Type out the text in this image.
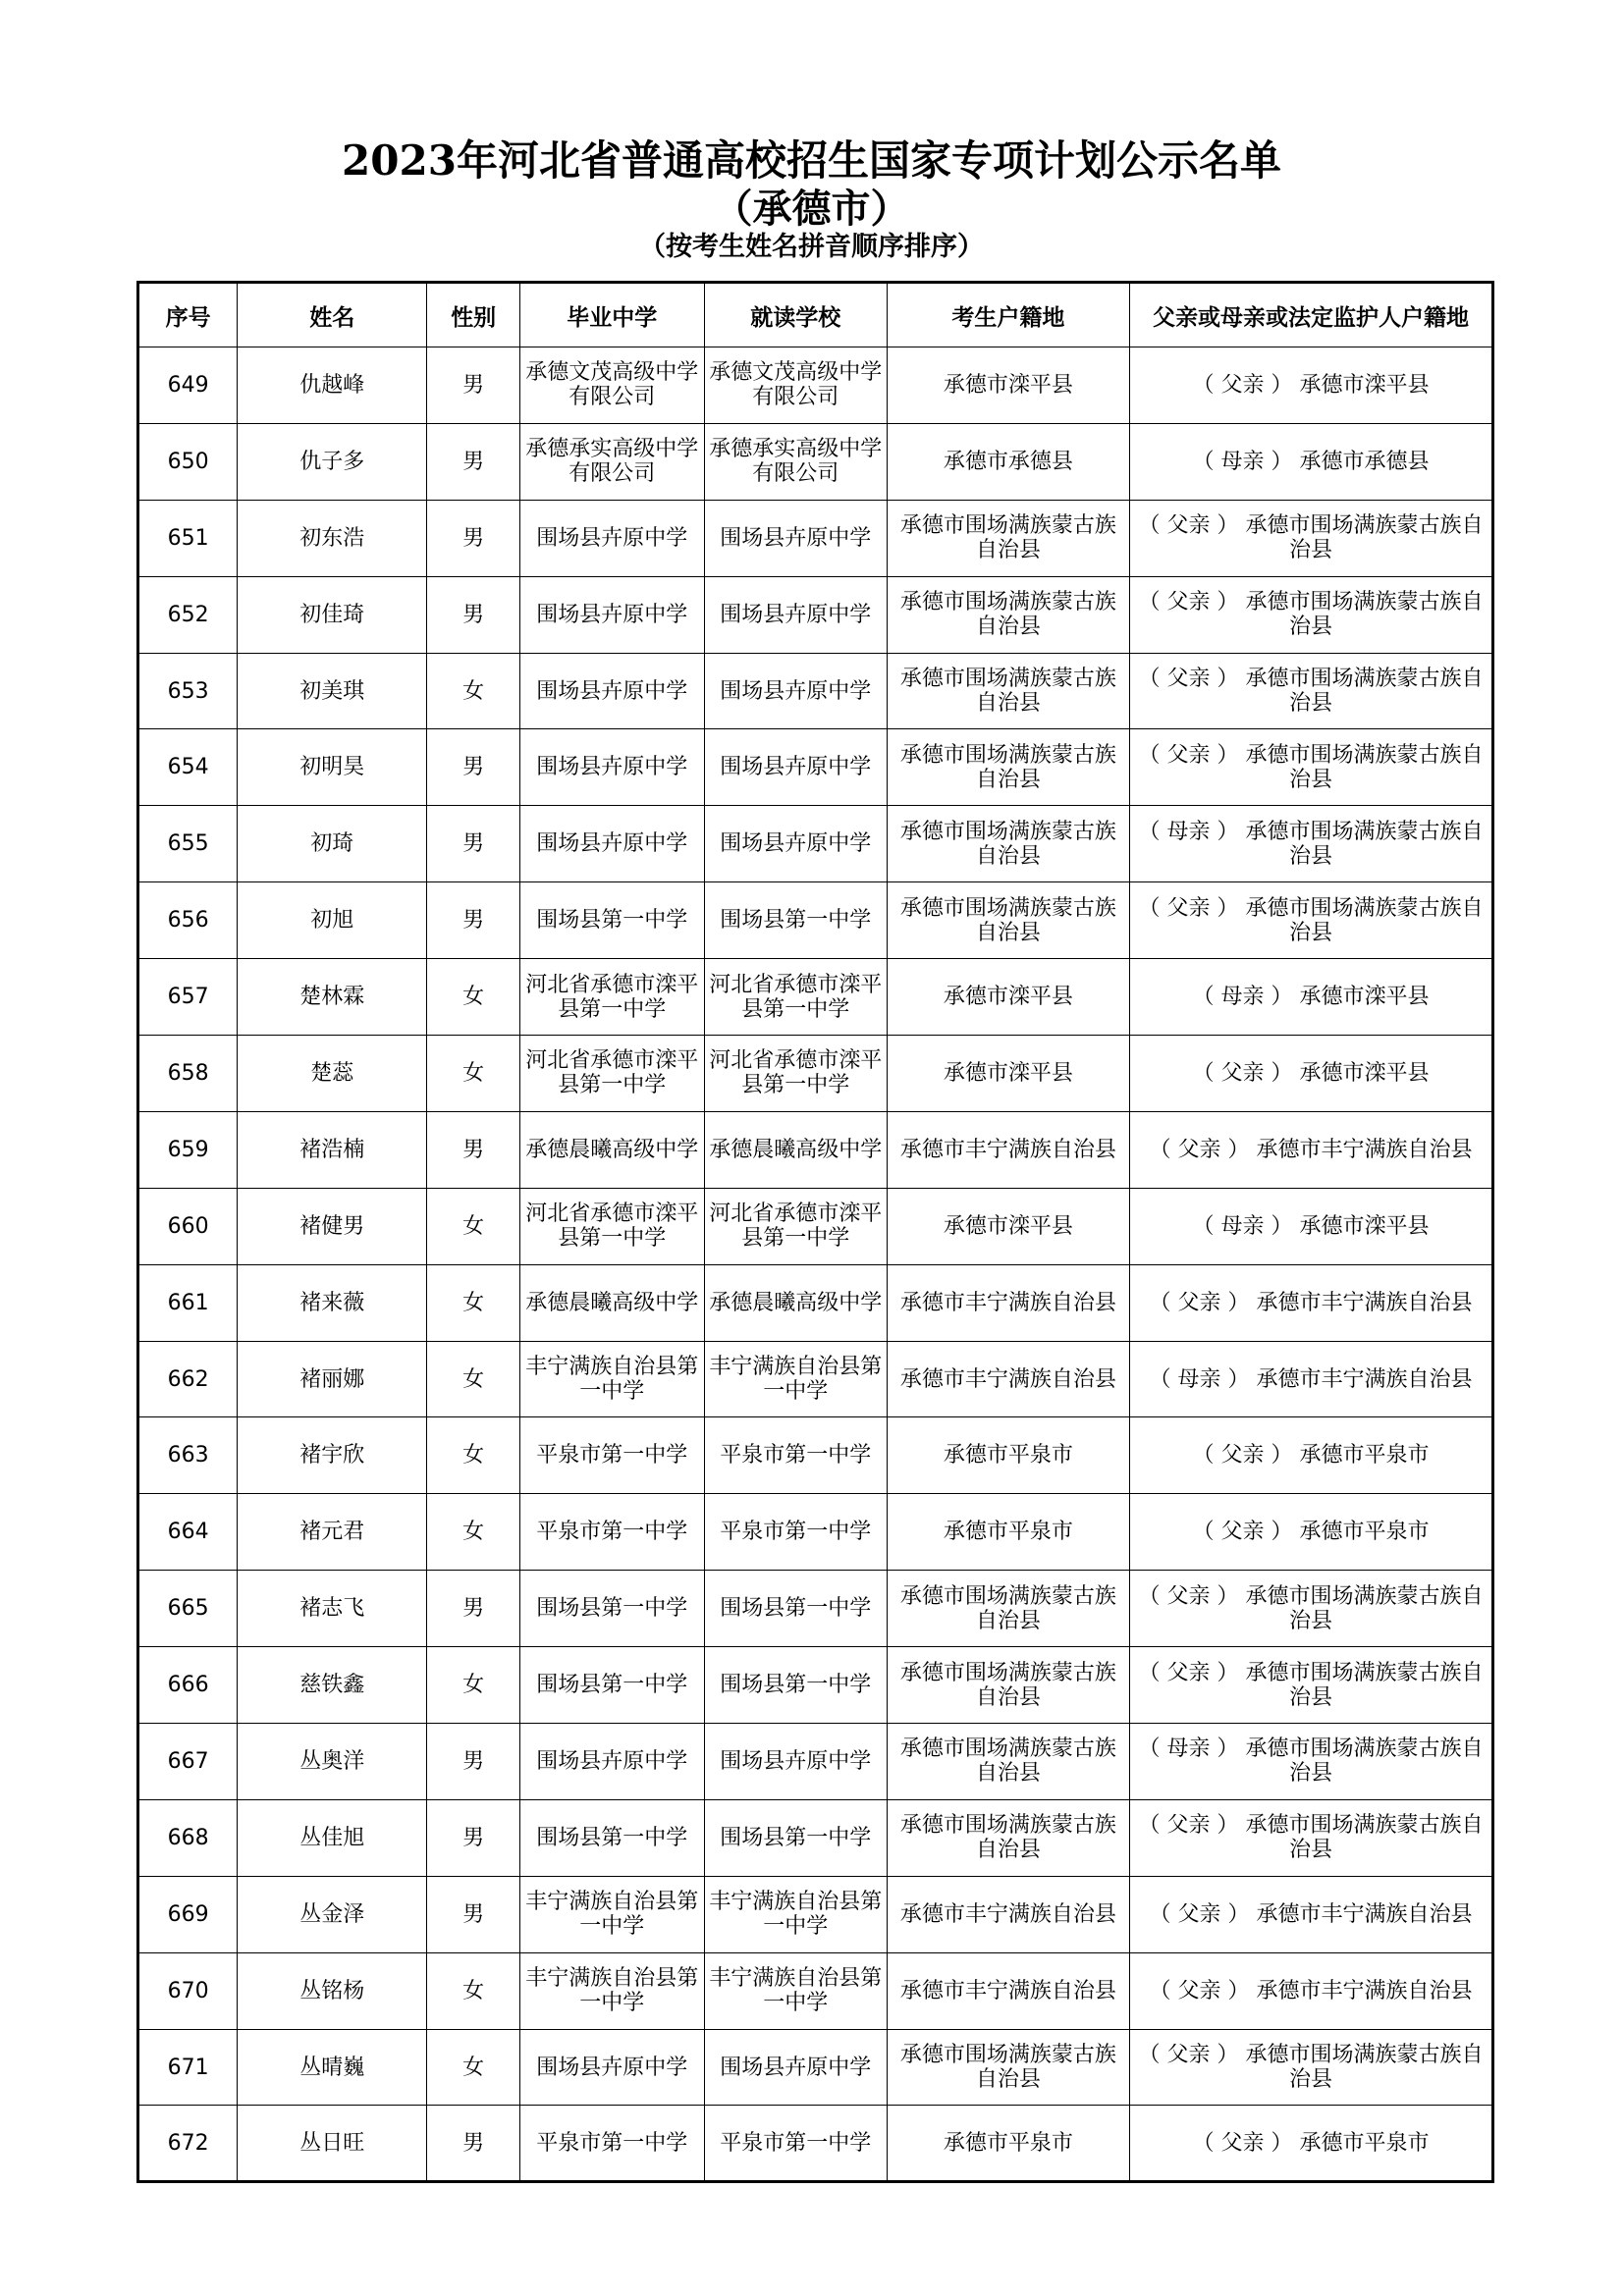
2023年河北省普通高校招生国家专项计划公示名单
（承德市）
（按考生姓名拼音顺序排序）
序号	姓名	性别	毕业中学	就读学校	考生户籍地	父亲或母亲或法定监护人户籍地
649	仇越峰	男	承德文茂高级中学有限公司	承德文茂高级中学有限公司	承德市滦平县	（ 父亲 ） 承德市滦平县
650	仇子多	男	承德承实高级中学有限公司	承德承实高级中学有限公司	承德市承德县	（ 母亲 ） 承德市承德县
651	初东浩	男	围场县卉原中学	围场县卉原中学	承德市围场满族蒙古族自治县	（ 父亲 ） 承德市围场满族蒙古族自治县
652	初佳琦	男	围场县卉原中学	围场县卉原中学	承德市围场满族蒙古族自治县	（ 父亲 ） 承德市围场满族蒙古族自治县
653	初美琪	女	围场县卉原中学	围场县卉原中学	承德市围场满族蒙古族自治县	（ 父亲 ） 承德市围场满族蒙古族自治县
654	初明昊	男	围场县卉原中学	围场县卉原中学	承德市围场满族蒙古族自治县	（ 父亲 ） 承德市围场满族蒙古族自治县
655	初琦	男	围场县卉原中学	围场县卉原中学	承德市围场满族蒙古族自治县	（ 母亲 ） 承德市围场满族蒙古族自治县
656	初旭	男	围场县第一中学	围场县第一中学	承德市围场满族蒙古族自治县	（ 父亲 ） 承德市围场满族蒙古族自治县
657	楚林霖	女	河北省承德市滦平县第一中学	河北省承德市滦平县第一中学	承德市滦平县	（ 母亲 ） 承德市滦平县
658	楚蕊	女	河北省承德市滦平县第一中学	河北省承德市滦平县第一中学	承德市滦平县	（ 父亲 ） 承德市滦平县
659	褚浩楠	男	承德晨曦高级中学	承德晨曦高级中学	承德市丰宁满族自治县	（ 父亲 ） 承德市丰宁满族自治县
660	褚健男	女	河北省承德市滦平县第一中学	河北省承德市滦平县第一中学	承德市滦平县	（ 母亲 ） 承德市滦平县
661	褚来薇	女	承德晨曦高级中学	承德晨曦高级中学	承德市丰宁满族自治县	（ 父亲 ） 承德市丰宁满族自治县
662	褚丽娜	女	丰宁满族自治县第一中学	丰宁满族自治县第一中学	承德市丰宁满族自治县	（ 母亲 ） 承德市丰宁满族自治县
663	褚宇欣	女	平泉市第一中学	平泉市第一中学	承德市平泉市	（ 父亲 ） 承德市平泉市
664	褚元君	女	平泉市第一中学	平泉市第一中学	承德市平泉市	（ 父亲 ） 承德市平泉市
665	褚志飞	男	围场县第一中学	围场县第一中学	承德市围场满族蒙古族自治县	（ 父亲 ） 承德市围场满族蒙古族自治县
666	慈铁鑫	女	围场县第一中学	围场县第一中学	承德市围场满族蒙古族自治县	（ 父亲 ） 承德市围场满族蒙古族自治县
667	丛奥洋	男	围场县卉原中学	围场县卉原中学	承德市围场满族蒙古族自治县	（ 母亲 ） 承德市围场满族蒙古族自治县
668	丛佳旭	男	围场县第一中学	围场县第一中学	承德市围场满族蒙古族自治县	（ 父亲 ） 承德市围场满族蒙古族自治县
669	丛金泽	男	丰宁满族自治县第一中学	丰宁满族自治县第一中学	承德市丰宁满族自治县	（ 父亲 ） 承德市丰宁满族自治县
670	丛铭杨	女	丰宁满族自治县第一中学	丰宁满族自治县第一中学	承德市丰宁满族自治县	（ 父亲 ） 承德市丰宁满族自治县
671	丛晴巍	女	围场县卉原中学	围场县卉原中学	承德市围场满族蒙古族自治县	（ 父亲 ） 承德市围场满族蒙古族自治县
672	丛日旺	男	平泉市第一中学	平泉市第一中学	承德市平泉市	（ 父亲 ） 承德市平泉市
